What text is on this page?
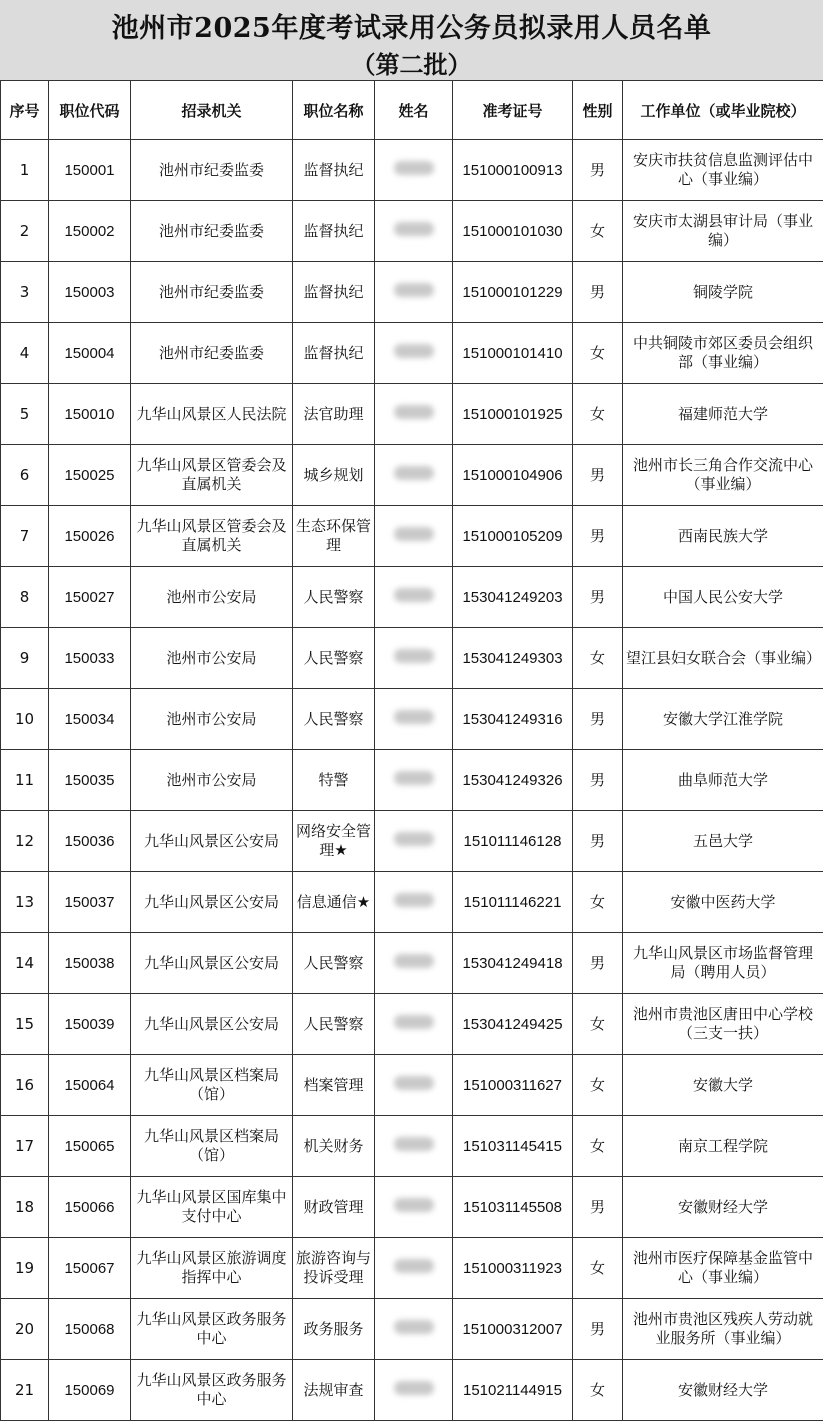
池州市2025年度考试录用公务员拟录用人员名单
（第二批）
序号	职位代码	招录机关	职位名称	姓名	准考证号	性别	工作单位（或毕业院校）
1	150001	池州市纪委监委	监督执纪		151000100913	男	安庆市扶贫信息监测评估中心（事业编）
2	150002	池州市纪委监委	监督执纪		151000101030	女	安庆市太湖县审计局（事业编）
3	150003	池州市纪委监委	监督执纪		151000101229	男	铜陵学院
4	150004	池州市纪委监委	监督执纪		151000101410	女	中共铜陵市郊区委员会组织部（事业编）
5	150010	九华山风景区人民法院	法官助理		151000101925	女	福建师范大学
6	150025	九华山风景区管委会及直属机关	城乡规划		151000104906	男	池州市长三角合作交流中心（事业编）
7	150026	九华山风景区管委会及直属机关	生态环保管理		151000105209	男	西南民族大学
8	150027	池州市公安局	人民警察		153041249203	男	中国人民公安大学
9	150033	池州市公安局	人民警察		153041249303	女	望江县妇女联合会（事业编）
10	150034	池州市公安局	人民警察		153041249316	男	安徽大学江淮学院
11	150035	池州市公安局	特警		153041249326	男	曲阜师范大学
12	150036	九华山风景区公安局	网络安全管理★		151011146128	男	五邑大学
13	150037	九华山风景区公安局	信息通信★		151011146221	女	安徽中医药大学
14	150038	九华山风景区公安局	人民警察		153041249418	男	九华山风景区市场监督管理局（聘用人员）
15	150039	九华山风景区公安局	人民警察		153041249425	女	池州市贵池区唐田中心学校（三支一扶）
16	150064	九华山风景区档案局（馆）	档案管理		151000311627	女	安徽大学
17	150065	九华山风景区档案局（馆）	机关财务		151031145415	女	南京工程学院
18	150066	九华山风景区国库集中支付中心	财政管理		151031145508	男	安徽财经大学
19	150067	九华山风景区旅游调度指挥中心	旅游咨询与投诉受理		151000311923	女	池州市医疗保障基金监管中心（事业编）
20	150068	九华山风景区政务服务中心	政务服务		151000312007	男	池州市贵池区残疾人劳动就业服务所（事业编）
21	150069	九华山风景区政务服务中心	法规审查		151021144915	女	安徽财经大学
